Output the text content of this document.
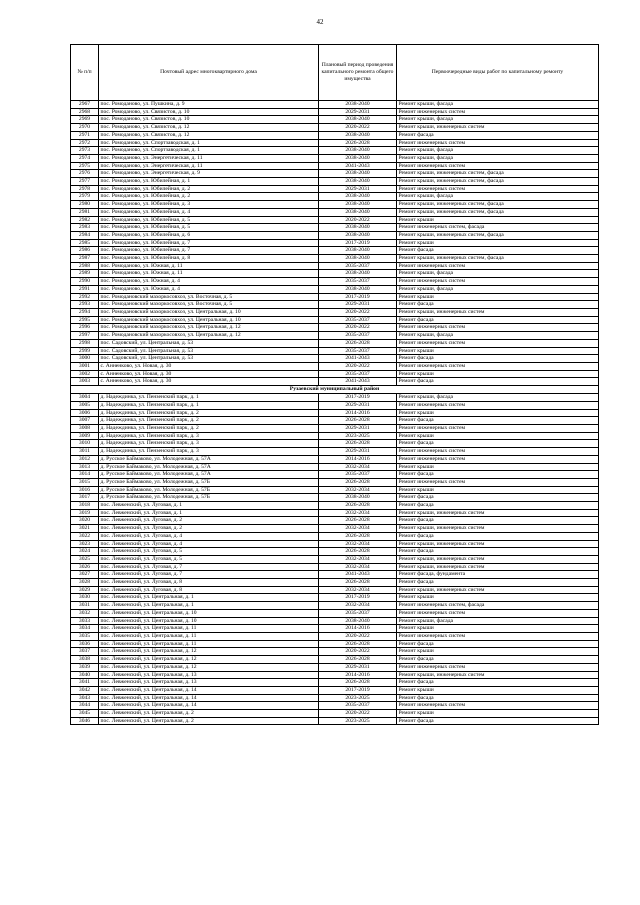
42
№ п/п	Почтовый адрес многоквартирного дома	Плановый период проведения капитального ремонта общего имущества	Первоочередные виды работ по капитальному ремонту
2967	пос. Ромоданово, ул. Пушкина, д. 9	2038-2040	Ремонт крыши, фасада
2968	пос. Ромоданово, ул. Связистов, д. 10	2029-2031	Ремонт инженерных систем
2969	пос. Ромоданово, ул. Связистов, д. 10	2038-2040	Ремонт крыши, фасада
2970	пос. Ромоданово, ул. Связистов, д. 12	2020-2022	Ремонт крыши, инженерных систем
2971	пос. Ромоданово, ул. Связистов, д. 12	2038-2040	Ремонт фасада
2972	пос. Ромоданово, ул. Спортзаводская, д. 1	2026-2028	Ремонт инженерных систем
2973	пос. Ромоданово, ул. Спортзаводская, д. 1	2038-2040	Ремонт крыши, фасада
2974	пос. Ромоданово, ул. Энергетическая, д. 11	2038-2040	Ремонт крыши, фасада
2975	пос. Ромоданово, ул. Энергетическая, д. 11	2041-2043	Ремонт инженерных систем
2976	пос. Ромоданово, ул. Энергетическая, д. 9	2038-2040	Ремонт крыши, инженерных систем, фасада
2977	пос. Ромоданово, ул. Юбилейная, д. 1	2038-2040	Ремонт крыши, инженерных систем, фасада
2978	пос. Ромоданово, ул. Юбилейная, д. 2	2029-2031	Ремонт инженерных систем
2979	пос. Ромоданово, ул. Юбилейная, д. 2	2038-2040	Ремонт крыши, фасада
2980	пос. Ромоданово, ул. Юбилейная, д. 3	2038-2040	Ремонт крыши, инженерных систем, фасада
2981	пос. Ромоданово, ул. Юбилейная, д. 4	2038-2040	Ремонт крыши, инженерных систем, фасада
2982	пос. Ромоданово, ул. Юбилейная, д. 5	2020-2022	Ремонт крыши
2983	пос. Ромоданово, ул. Юбилейная, д. 5	2038-2040	Ремонт инженерных систем, фасада
2984	пос. Ромоданово, ул. Юбилейная, д. 6	2038-2040	Ремонт крыши, инженерных систем, фасада
2985	пос. Ромоданово, ул. Юбилейная, д. 7	2017-2019	Ремонт крыши
2986	пос. Ромоданово, ул. Юбилейная, д. 7	2038-2040	Ремонт фасада
2987	пос. Ромоданово, ул. Юбилейная, д. 8	2038-2040	Ремонт крыши, инженерных систем, фасада
2988	пос. Ромоданово, ул. Южная, д. 11	2035-2037	Ремонт инженерных систем
2989	пос. Ромоданово, ул. Южная, д. 11	2038-2040	Ремонт крыши, фасада
2990	пос. Ромоданово, ул. Южная, д. 4	2035-2037	Ремонт инженерных систем
2991	пос. Ромоданово, ул. Южная, д. 4	2038-2040	Ремонт крыши, фасада
2992	пос. Ромодановский махоркосовхоз, ул. Восточная, д. 5	2017-2019	Ремонт крыши
2993	пос. Ромодановский махоркосовхоз, ул. Восточная, д. 5	2029-2031	Ремонт фасада
2994	пос. Ромодановский махоркосовхоз, ул. Центральная, д. 10	2020-2022	Ремонт крыши, инженерных систем
2995	пос. Ромодановский махоркосовхоз, ул. Центральная, д. 10	2035-2037	Ремонт фасада
2996	пос. Ромодановский махоркосовхоз, ул. Центральная, д. 12	2020-2022	Ремонт инженерных систем
2997	пос. Ромодановский махоркосовхоз, ул. Центральная, д. 12	2035-2037	Ремонт крыши, фасада
2998	пос. Садовский, ул. Центральная, д. 53	2026-2028	Ремонт инженерных систем
2999	пос. Садовский, ул. Центральная, д. 53	2035-2037	Ремонт крыши
3000	пос. Садовский, ул. Центральная, д. 53	2041-2043	Ремонт фасада
3001	с. Анненково, ул. Новая, д. 30	2020-2022	Ремонт инженерных систем
3002	с. Анненково, ул. Новая, д. 30	2035-2037	Ремонт крыши
3003	с. Анненково, ул. Новая, д. 30	2041-2043	Ремонт фасада
Рузаевский муниципальный район			
3004	д. Надеждинка, ул. Пензенский парк, д. 1	2017-2019	Ремонт крыши, фасада
3005	д. Надеждинка, ул. Пензенский парк, д. 1	2029-2031	Ремонт инженерных систем
3006	д. Надеждинка, ул. Пензенский парк, д. 2	2014-2016	Ремонт крыши
3007	д. Надеждинка, ул. Пензенский парк, д. 2	2026-2028	Ремонт фасада
3008	д. Надеждинка, ул. Пензенский парк, д. 2	2029-2031	Ремонт инженерных систем
3009	д. Надеждинка, ул. Пензенский парк, д. 3	2023-2025	Ремонт крыши
3010	д. Надеждинка, ул. Пензенский парк, д. 3	2026-2028	Ремонт фасада
3011	д. Надеждинка, ул. Пензенский парк, д. 3	2029-2031	Ремонт инженерных систем
3012	д. Русское Баймаково, ул. Молодежная, д. 57А	2014-2016	Ремонт инженерных систем
3013	д. Русское Баймаково, ул. Молодежная, д. 57А	2032-2034	Ремонт крыши
3014	д. Русское Баймаково, ул. Молодежная, д. 57А	2035-2037	Ремонт фасада
3015	д. Русское Баймаково, ул. Молодежная, д. 57Б	2026-2028	Ремонт инженерных систем
3016	д. Русское Баймаково, ул. Молодежная, д. 57Б	2032-2034	Ремонт крыши
3017	д. Русское Баймаково, ул. Молодежная, д. 57Б	2038-2040	Ремонт фасада
3018	пос. Левженский, ул. Луговая, д. 1	2026-2028	Ремонт фасада
3019	пос. Левженский, ул. Луговая, д. 1	2032-2034	Ремонт крыши, инженерных систем
3020	пос. Левженский, ул. Луговая, д. 2	2026-2028	Ремонт фасада
3021	пос. Левженский, ул. Луговая, д. 2	2032-2034	Ремонт крыши, инженерных систем
3022	пос. Левженский, ул. Луговая, д. 4	2026-2028	Ремонт фасада
3023	пос. Левженский, ул. Луговая, д. 4	2032-2034	Ремонт крыши, инженерных систем
3024	пос. Левженский, ул. Луговая, д. 5	2026-2028	Ремонт фасада
3025	пос. Левженский, ул. Луговая, д. 5	2032-2034	Ремонт крыши, инженерных систем
3026	пос. Левженский, ул. Луговая, д. 7	2032-2034	Ремонт крыши, инженерных систем
3027	пос. Левженский, ул. Луговая, д. 7	2041-2043	Ремонт фасада, фундамента
3028	пос. Левженский, ул. Луговая, д. 8	2026-2028	Ремонт фасада
3029	пос. Левженский, ул. Луговая, д. 8	2032-2034	Ремонт крыши, инженерных систем
3030	пос. Левженский, ул. Центральная, д. 1	2017-2019	Ремонт крыши
3031	пос. Левженский, ул. Центральная, д. 1	2032-2034	Ремонт инженерных систем, фасада
3032	пос. Левженский, ул. Центральная, д. 10	2035-2037	Ремонт инженерных систем
3033	пос. Левженский, ул. Центральная, д. 10	2038-2040	Ремонт крыши, фасада
3034	пос. Левженский, ул. Центральная, д. 11	2014-2016	Ремонт крыши
3035	пос. Левженский, ул. Центральная, д. 11	2020-2022	Ремонт инженерных систем
3036	пос. Левженский, ул. Центральная, д. 11	2026-2028	Ремонт фасада
3037	пос. Левженский, ул. Центральная, д. 12	2020-2022	Ремонт крыши
3038	пос. Левженский, ул. Центральная, д. 12	2026-2028	Ремонт фасада
3039	пос. Левженский, ул. Центральная, д. 12	2029-2031	Ремонт инженерных систем
3040	пос. Левженский, ул. Центральная, д. 13	2014-2016	Ремонт крыши, инженерных систем
3041	пос. Левженский, ул. Центральная, д. 13	2026-2028	Ремонт фасада
3042	пос. Левженский, ул. Центральная, д. 14	2017-2019	Ремонт крыши
3043	пос. Левженский, ул. Центральная, д. 14	2023-2025	Ремонт фасада
3044	пос. Левженский, ул. Центральная, д. 14	2035-2037	Ремонт инженерных систем
3045	пос. Левженский, ул. Центральная, д. 2	2020-2022	Ремонт крыши
3046	пос. Левженский, ул. Центральная, д. 2	2023-2025	Ремонт фасада
